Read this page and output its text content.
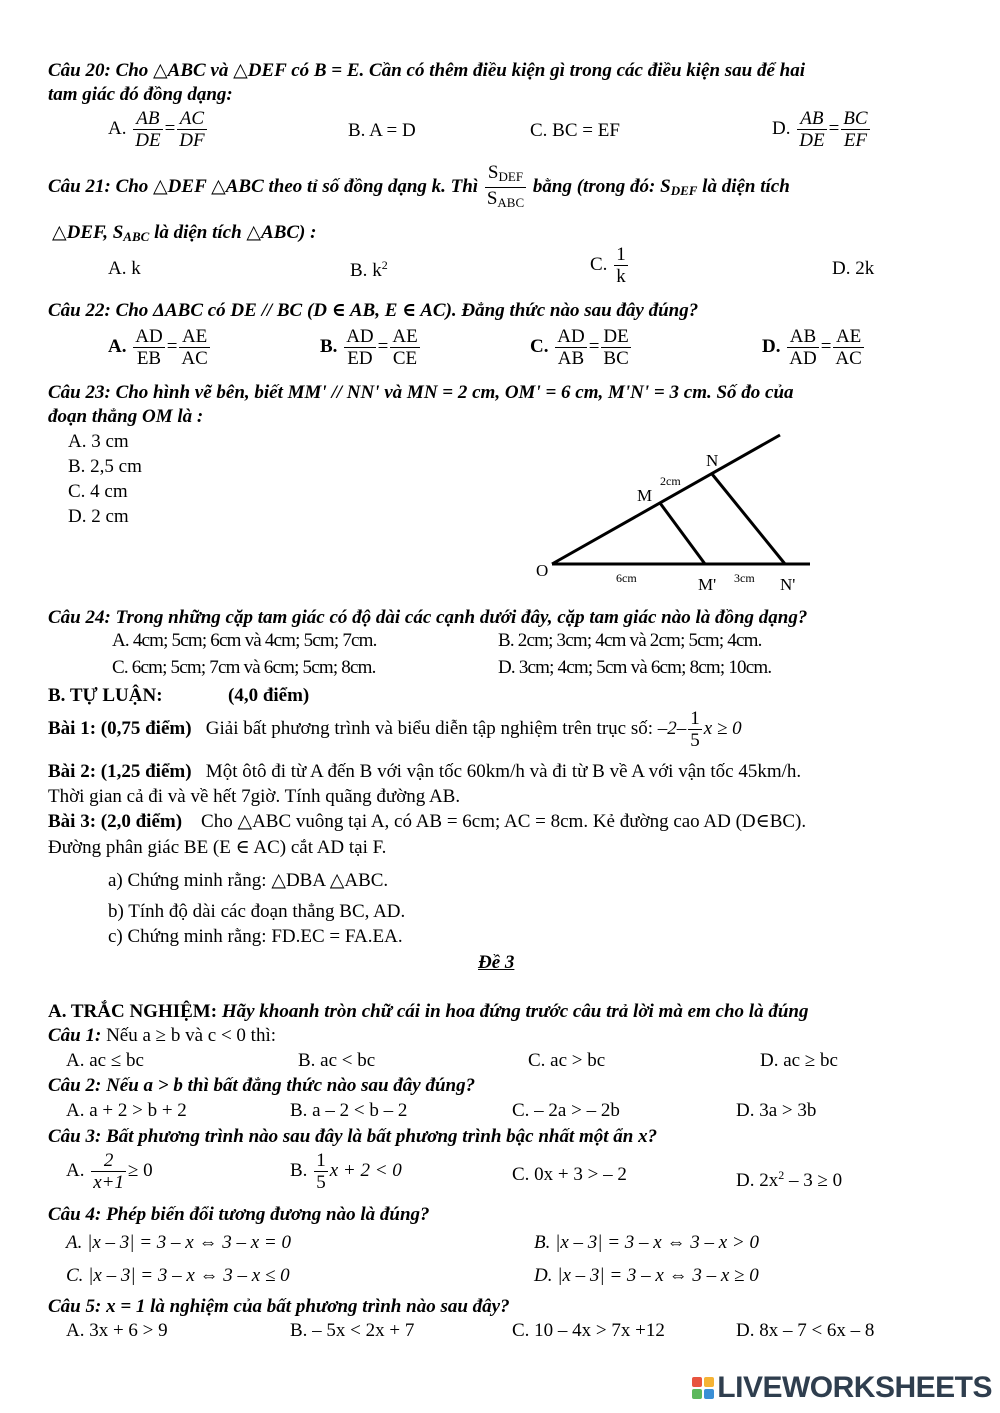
Câu 20: Cho △ABC và △DEF có B = E. Cần có thêm điều kiện gì trong các điều kiện sau để hai
tam giác đó đồng dạng:
A. $\frac{AB}{DE} = \frac{AC}{DF}$	B. A = D	C. BC = EF	D. $\frac{AB}{DE} = \frac{BC}{EF}$
Câu 21: Cho △DEF △ABC theo tỉ số đồng dạng k. Thì $\frac{S_{DEF}}{S_{ABC}}$ bằng (trong đó: $S_{DEF}$ là diện tích
△DEF, $S_{ABC}$ là diện tích △ABC) :
A. k	B. $k^2$	C. $\frac{1}{k}$	D. 2k
Câu 22: Cho ΔABC có DE // BC (D ∈ AB, E ∈ AC). Đẳng thức nào sau đây đúng?
A. $\frac{AD}{EB} = \frac{AE}{AC}$	B. $\frac{AD}{ED} = \frac{AE}{CE}$	C. $\frac{AD}{AB} = \frac{DE}{BC}$	D. $\frac{AB}{AD} = \frac{AE}{AC}$
Câu 23: Cho hình vẽ bên, biết MM' // NN' và MN = 2 cm, OM' = 6 cm, M'N' = 3 cm. Số đo của
đoạn thẳng OM là :
A. 3 cm
B. 2,5 cm
C. 4 cm
D. 2 cm
O
M
N
M'	N'
2cm
6cm	3cm
Câu 24: Trong những cặp tam giác có độ dài các cạnh dưới đây, cặp tam giác nào là đồng dạng?
A. 4cm; 5cm; 6cm và 4cm; 5cm; 7cm.	B. 2cm; 3cm; 4cm và 2cm; 5cm; 4cm.
C. 6cm; 5cm; 7cm và 6cm; 5cm; 8cm.	D. 3cm; 4cm; 5cm và 6cm; 8cm; 10cm.
B. TỰ LUẬN:	(4,0 điểm)
Bài 1: (0,75 điểm) Giải bất phương trình và biểu diễn tập nghiệm trên trục số: $-2- \frac{1}{5}$ x ≥ 0
Bài 2: (1,25 điểm) Một ôtô đi từ A đến B với vận tốc 60km/h và đi từ B về A với vận tốc 45km/h.
Thời gian cả đi và về hết 7giờ. Tính quãng đường AB.
Bài 3: (2,0 điểm) Cho △ABC vuông tại A, có AB = 6cm; AC = 8cm. Kẻ đường cao AD (D∈BC).
Đường phân giác BE (E ∈ AC) cắt AD tại F.
a) Chứng minh rằng: △DBA △ABC.
b) Tính độ dài các đoạn thẳng BC, AD.
c) Chứng minh rằng: FD.EC = FA.EA.
Đề 3
A. TRẮC NGHIỆM: Hãy khoanh tròn chữ cái in hoa đứng trước câu trả lời mà em cho là đúng
Câu 1: Nếu a ≥ b và c < 0 thì:
A. ac ≤ bc	B. ac < bc	C. ac > bc	D. ac ≥ bc
Câu 2: Nếu a > b thì bất đẳng thức nào sau đây đúng?
A. a + 2 > b + 2	B. a – 2 < b – 2	C. – 2a > – 2b	D. 3a > 3b
Câu 3: Bất phương trình nào sau đây là bất phương trình bậc nhất một ẩn x?
A. $\frac{2}{x+1} \ge 0$	B. $\frac{1}{5}$ x + 2 < 0	C. 0x + 3 > – 2	D. $2x^2 - 3 \ge 0$
Câu 4: Phép biến đổi tương đương nào là đúng?
A. |x – 3| = 3 – x ⇔ 3 – x = 0	B. |x – 3| = 3 – x ⇔ 3 – x > 0
C. |x – 3| = 3 – x ⇔ 3 – x ≤ 0	D. |x – 3| = 3 – x ⇔ 3 – x ≥ 0
Câu 5: x = 1 là nghiệm của bất phương trình nào sau đây?
A. 3x + 6 > 9	B. – 5x < 2x + 7	C. 10 – 4x > 7x +12	D. 8x – 7 < 6x – 8
LIVEWORKSHEETS
